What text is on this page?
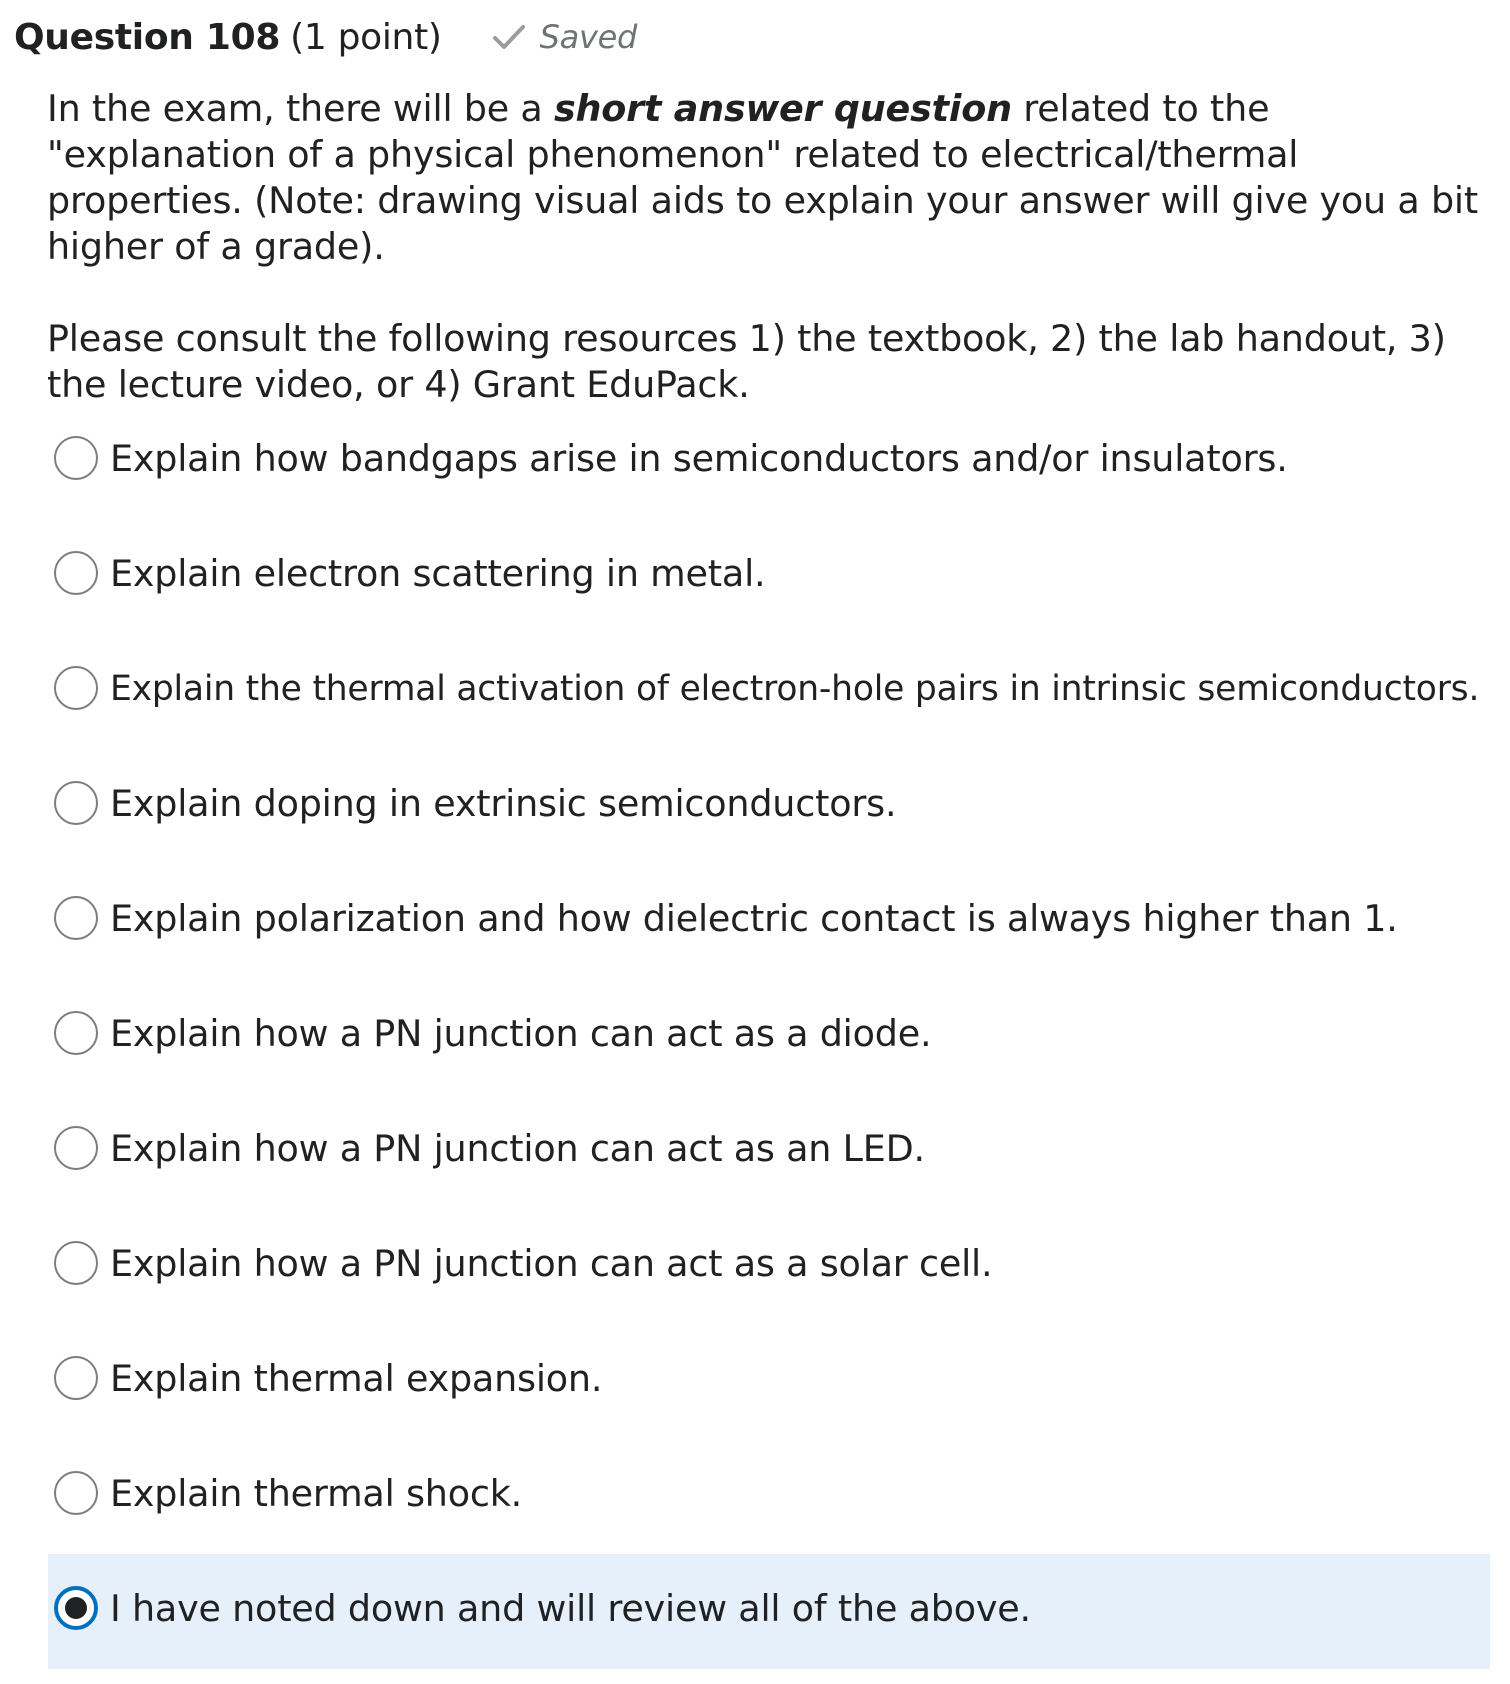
Question 108 (1 point)	Saved

In the exam, there will be a short answer question related to the "explanation of a physical phenomenon" related to electrical/thermal properties. (Note: drawing visual aids to explain your answer will give you a bit higher of a grade).

Please consult the following resources 1) the textbook, 2) the lab handout, 3) the lecture video, or 4) Grant EduPack.

Explain how bandgaps arise in semiconductors and/or insulators.
Explain electron scattering in metal.
Explain the thermal activation of electron-hole pairs in intrinsic semiconductors.
Explain doping in extrinsic semiconductors.
Explain polarization and how dielectric contact is always higher than 1.
Explain how a PN junction can act as a diode.
Explain how a PN junction can act as an LED.
Explain how a PN junction can act as a solar cell.
Explain thermal expansion.
Explain thermal shock.
I have noted down and will review all of the above.
